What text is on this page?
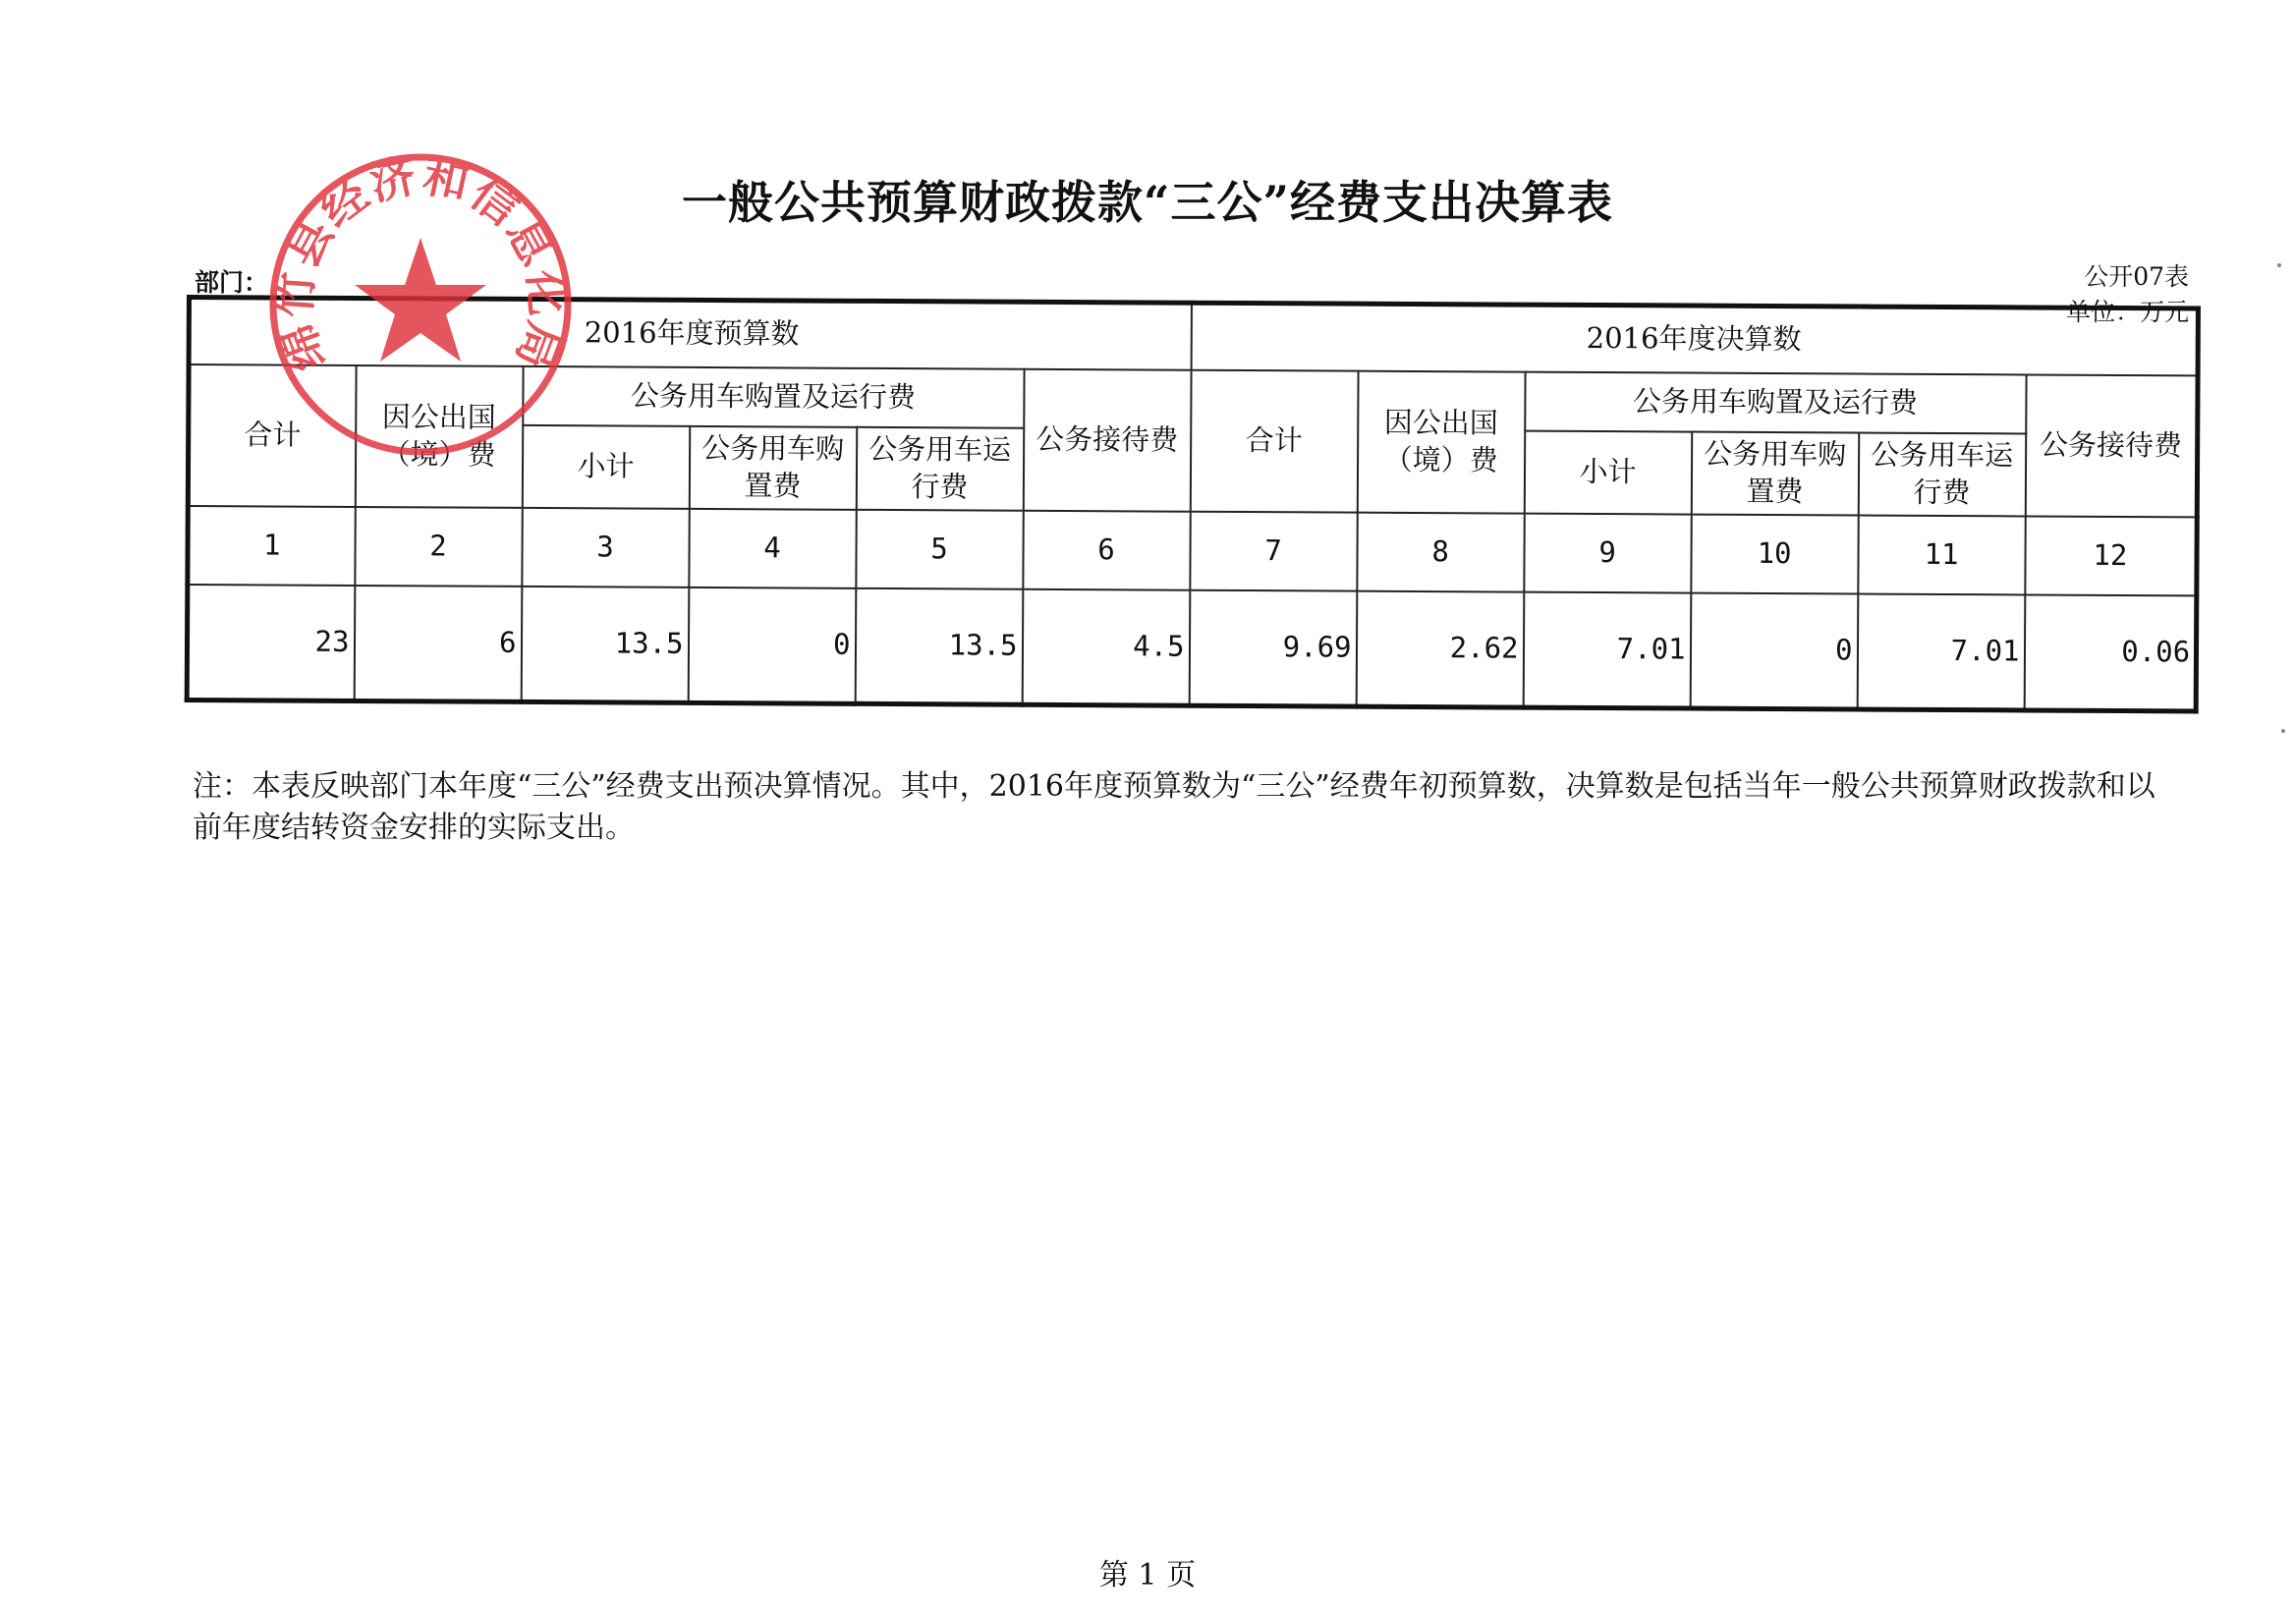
一般公共预算财政拨款“三公”经费支出决算表
部门：	公开07表
单位：万元
2016年度预算数						2016年度决算数					
合计	因公出国（境）费	公务用车购置及运行费			公务接待费	合计	因公出国（境）费	公务用车购置及运行费			公务接待费
		小计	公务用车购置费	公务用车运行费				小计	公务用车购置费	公务用车运行费	
1	2	3	4	5	6	7	8	9	10	11	12
23	6	13.5	0	13.5	4.5	9.69	2.62	7.01	0	7.01	0.06
注：本表反映部门本年度“三公”经费支出预决算情况。其中，2016年度预算数为“三公”经费年初预算数，决算数是包括当年一般公共预算财政拨款和以前年度结转资金安排的实际支出。
第 1 页
绵竹县经济和信息化局
